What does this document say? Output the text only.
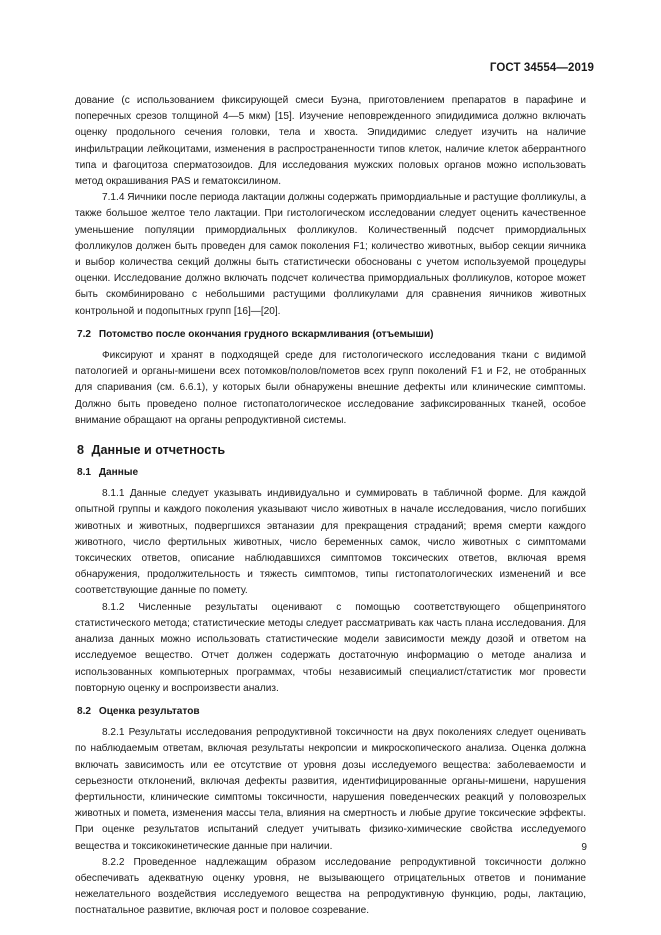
ГОСТ 34554—2019

дование (с использованием фиксирующей смеси Буэна, приготовлением препаратов в парафине и поперечных срезов толщиной 4—5 мкм) [15]. Изучение неповрежденного эпидидимиса должно включать оценку продольного сечения головки, тела и хвоста. Эпидидимис следует изучить на наличие инфильтрации лейкоцитами, изменения в распространенности типов клеток, наличие клеток аберрантного типа и фагоцитоза сперматозоидов. Для исследования мужских половых органов можно использовать метод окрашивания PAS и гематоксилином.

7.1.4 Яичники после периода лактации должны содержать примордиальные и растущие фолликулы, а также большое желтое тело лактации. При гистологическом исследовании следует оценить качественное уменьшение популяции примордиальных фолликулов. Количественный подсчет примордиальных фолликулов должен быть проведен для самок поколения F1; количество животных, выбор секции яичника и выбор количества секций должны быть статистически обоснованы с учетом используемой процедуры оценки. Исследование должно включать подсчет количества примордиальных фолликулов, которое может быть скомбинировано с небольшими растущими фолликулами для сравнения яичников животных контрольной и подопытных групп [16]—[20].

7.2 Потомство после окончания грудного вскармливания (отъемыши)

Фиксируют и хранят в подходящей среде для гистологического исследования ткани с видимой патологией и органы-мишени всех потомков/полов/пометов всех групп поколений F1 и F2, не отобранных для спаривания (см. 6.6.1), у которых были обнаружены внешние дефекты или клинические симптомы. Должно быть проведено полное гистопатологическое исследование зафиксированных тканей, особое внимание обращают на органы репродуктивной системы.

8 Данные и отчетность
8.1 Данные

8.1.1 Данные следует указывать индивидуально и суммировать в табличной форме. Для каждой опытной группы и каждого поколения указывают число животных в начале исследования, число погибших животных и животных, подвергшихся эвтаназии для прекращения страданий; время смерти каждого животного, число фертильных животных, число беременных самок, число животных с симптомами токсических ответов, описание наблюдавшихся симптомов токсических ответов, включая время обнаружения, продолжительность и тяжесть симптомов, типы гистопатологических изменений и все соответствующие данные по помету.

8.1.2 Численные результаты оценивают с помощью соответствующего общепринятого статистического метода; статистические методы следует рассматривать как часть плана исследования. Для анализа данных можно использовать статистические модели зависимости между дозой и ответом на исследуемое вещество. Отчет должен содержать достаточную информацию о методе анализа и использованных компьютерных программах, чтобы независимый специалист/статистик мог провести повторную оценку и воспроизвести анализ.

8.2 Оценка результатов

8.2.1 Результаты исследования репродуктивной токсичности на двух поколениях следует оценивать по наблюдаемым ответам, включая результаты некропсии и микроскопического анализа. Оценка должна включать зависимость или ее отсутствие от уровня дозы исследуемого вещества: заболеваемости и серьезности отклонений, включая дефекты развития, идентифицированные органы-мишени, нарушения фертильности, клинические симптомы токсичности, нарушения поведенческих реакций у половозрелых животных и помета, изменения массы тела, влияния на смертность и любые другие токсические эффекты. При оценке результатов испытаний следует учитывать физико-химические свойства исследуемого вещества и токсикокинетические данные при наличии.

8.2.2 Проведенное надлежащим образом исследование репродуктивной токсичности должно обеспечивать адекватную оценку уровня, не вызывающего отрицательных ответов и понимание нежелательного воздействия исследуемого вещества на репродуктивную функцию, роды, лактацию, постнатальное развитие, включая рост и половое созревание.

9
